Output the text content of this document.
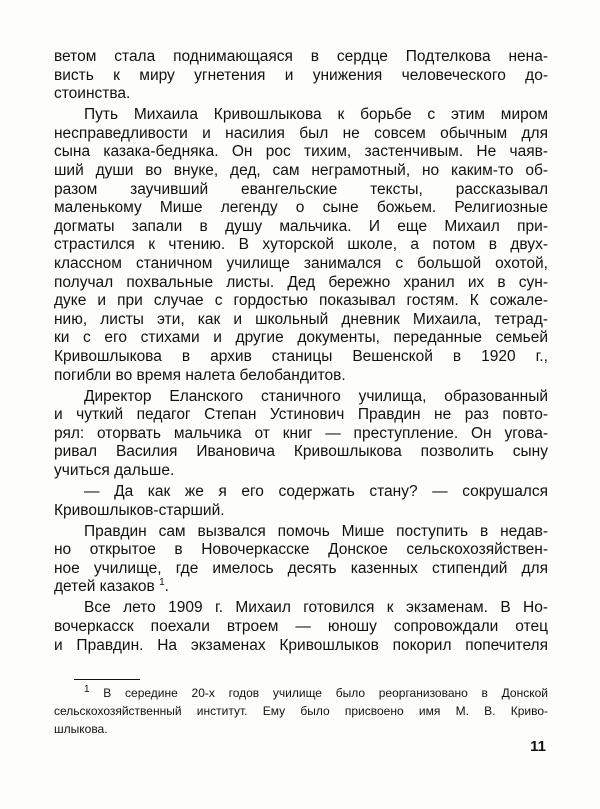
ветом стала поднимающаяся в сердце Подтелкова нена-
висть к миру угнетения и унижения человеческого до-
стоинства.
Путь Михаила Кривошлыкова к борьбе с этим миром
несправедливости и насилия был не совсем обычным для
сына казака-бедняка. Он рос тихим, застенчивым. Не чаяв-
ший души во внуке, дед, сам неграмотный, но каким-то об-
разом заучивший евангельские тексты, рассказывал
маленькому Мише легенду о сыне божьем. Религиозные
догматы запали в душу мальчика. И еще Михаил при-
стpастился к чтению. В хуторской школе, а потом в двух-
классном станичном училище занимался с большой охотой,
получал похвальные листы. Дед бережно хранил их в сун-
дуке и при случае с гордостью показывал гостям. К сожале-
нию, листы эти, как и школьный дневник Михаила, тетрад-
ки с его стихами и другие документы, переданные семьей
Кривошлыкова в архив станицы Вешенской в 1920 г.,
погибли во время налета белобандитов.
Директор Еланского станичного училища, образованный
и чуткий педагог Степан Устинович Правдин не раз повто-
рял: оторвать мальчика от книг — преступление. Он угова-
ривал Василия Ивановича Кривошлыкова позволить сыну
учиться дальше.
— Да как же я его содержать стану? — сокрушался
Кривошлыков-старший.
Правдин сам вызвался помочь Мише поступить в недав-
но открытое в Новочеркасске Донское сельскохозяйствен-
ное училище, где имелось десять казенных стипендий для
детей казаков $^1$.
Все лето 1909 г. Михаил готовился к экзаменам. В Но-
вочеркасск поехали втроем — юношу сопровождали отец
и Правдин. На экзаменах Кривошлыков покорил попечителя
$^1$ В середине 20-х годов училище было реорганизовано в Донской
сельскохозяйственный институт. Ему было присвоено имя М. В. Криво-
шлыкова.
11
